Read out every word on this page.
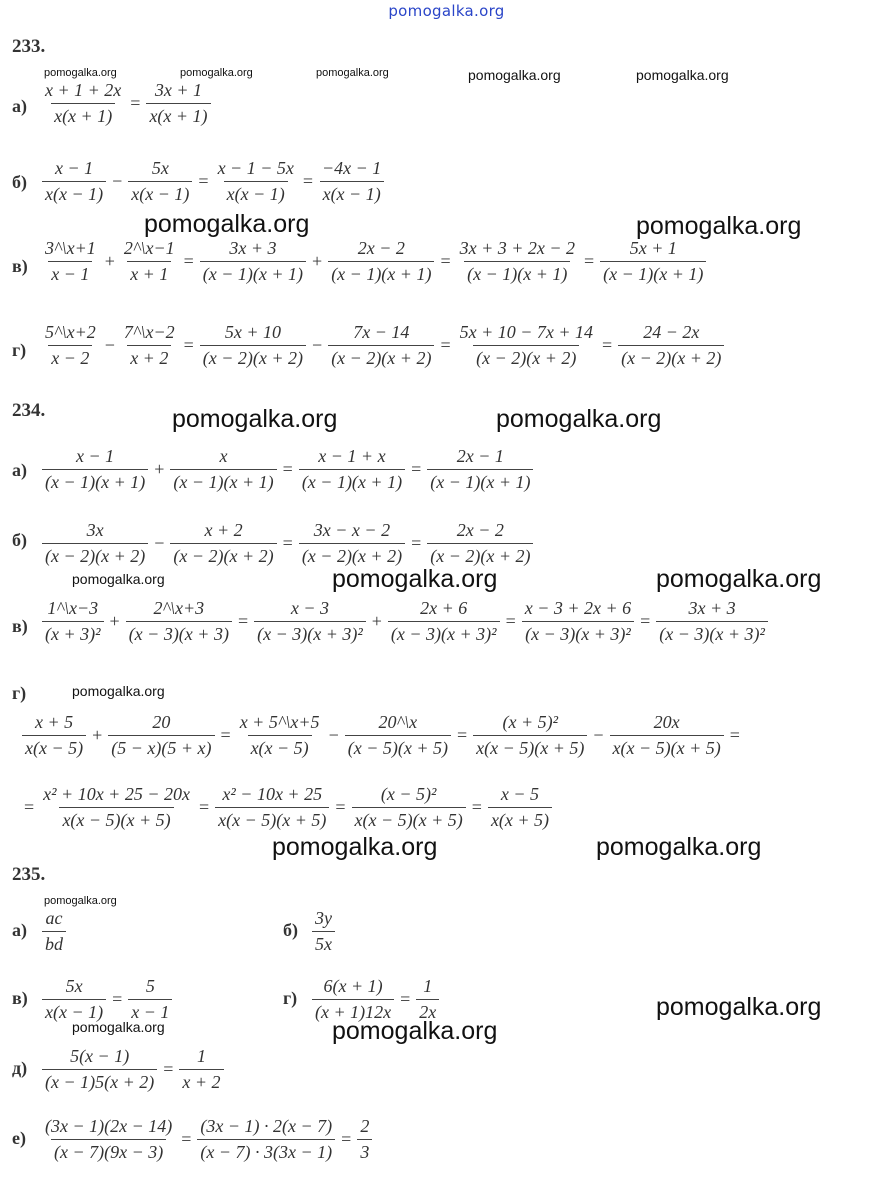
pomogalka.org
pomogalka.org	pomogalka.org	pomogalka.org	pomogalka.org	pomogalka.org
pomogalka.org	pomogalka.org
pomogalka.org	pomogalka.org
pomogalka.org	pomogalka.org	pomogalka.org
pomogalka.org
pomogalka.org	pomogalka.org
pomogalka.org
pomogalka.org
pomogalka.org	pomogalka.org
233.
234.
235.
а)
б)
в)
г)
а)
б)
в)
г)
а)	б)
в)	г)
д)
е)
$\frac{x + 1 + 2x}{x(x + 1)} = \frac{3x + 1}{x(x + 1)}$
$\frac{x - 1}{x(x - 1)} - \frac{5x}{x(x - 1)} = \frac{x - 1 - 5x}{x(x - 1)} = \frac{-4x - 1}{x(x - 1)}$
$\frac{3\^{}\backslash x+1}{x - 1} + \frac{2\^{}\backslash x-1}{x + 1} = \frac{3x + 3}{(x - 1)(x + 1)} + \frac{2x - 2}{(x - 1)(x + 1)} = \frac{3x + 3 + 2x - 2}{(x - 1)(x + 1)} = \frac{5x + 1}{(x - 1)(x + 1)}$
$\frac{5\^{}\backslash x+2}{x - 2} - \frac{7\^{}\backslash x-2}{x + 2} = \frac{5x + 10}{(x - 2)(x + 2)} - \frac{7x - 14}{(x - 2)(x + 2)} = \frac{5x + 10 - 7x + 14}{(x - 2)(x + 2)} = \frac{24 - 2x}{(x - 2)(x + 2)}$
$\frac{x - 1}{(x - 1)(x + 1)} + \frac{x}{(x - 1)(x + 1)} = \frac{x - 1 + x}{(x - 1)(x + 1)} = \frac{2x - 1}{(x - 1)(x + 1)}$
$\frac{3x}{(x - 2)(x + 2)} - \frac{x + 2}{(x - 2)(x + 2)} = \frac{3x - x - 2}{(x - 2)(x + 2)} = \frac{2x - 2}{(x - 2)(x + 2)}$
$\frac{1\^{}\backslash x-3}{\text{(x + 3)²}} + \frac{2\^{}\backslash x+3}{(x - 3)(x + 3)} = \frac{x - 3}{\text{(x − 3)(x + 3)²}} + \frac{2x + 6}{\text{(x − 3)(x + 3)²}} = \frac{x - 3 + 2x + 6}{\text{(x − 3)(x + 3)²}} = \frac{3x + 3}{\text{(x − 3)(x + 3)²}}$
$\frac{x + 5}{x(x - 5)} + \frac{20}{(5 - x)(5 + x)} = \frac{x + 5\^{}\backslash x+5}{x(x - 5)} - \frac{20\^{}\backslash x}{(x - 5)(x + 5)} = \frac{\text{(x + 5)²}}{x(x - 5)(x + 5)} - \frac{20x}{x(x - 5)(x + 5)}$ =
= $\frac{\text{x² + 10x + 25 − 20x}}{x(x - 5)(x + 5)} = \frac{\text{x² − 10x + 25}}{x(x - 5)(x + 5)} = \frac{\text{(x − 5)²}}{x(x - 5)(x + 5)} = \frac{x - 5}{x(x + 5)}$
$\frac{ac}{bd}$	$\frac{3y}{5x}$
$\frac{5x}{x(x - 1)} = \frac{5}{x - 1}$	$\frac{6(x + 1)}{(x + 1)12x} = \frac{1}{2x}$
$\frac{5(x - 1)}{(x - 1)5(x + 2)} = \frac{1}{x + 2}$
$\frac{(3x - 1)(2x - 14)}{(x - 7)(9x - 3)} = \frac{(3x - 1) \cdot 2(x - 7)}{(x - 7) \cdot 3(3x - 1)} = \frac{2}{3}$
